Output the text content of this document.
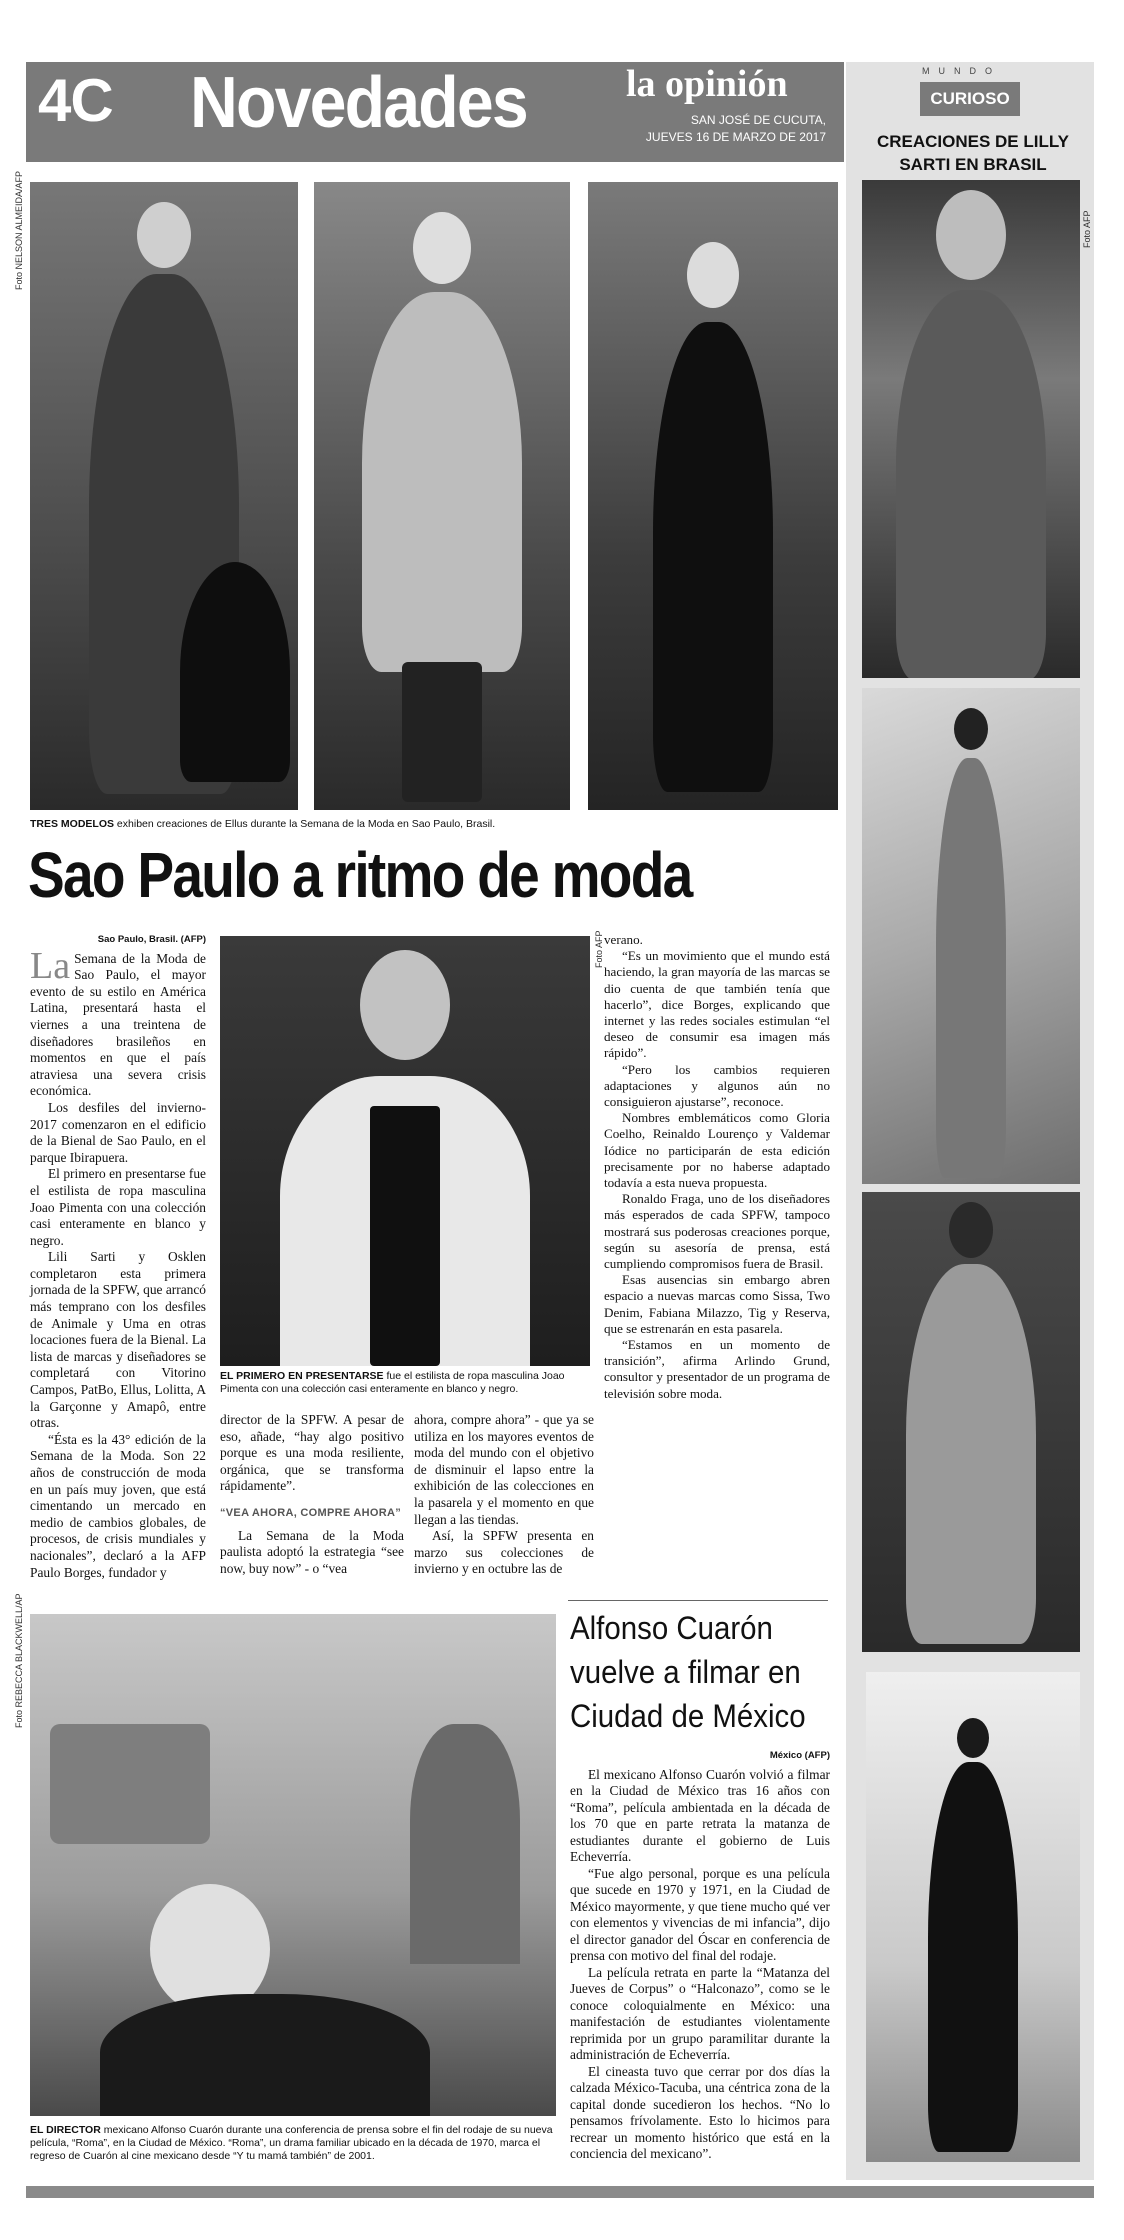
4C Novedades	la opinión
SAN JOSÉ DE CUCUTA,
JUEVES 16 DE MARZO DE 2017
MUNDO
CURIOSO
CREACIONES DE LILLY SARTI EN BRASIL
Foto AFP
Foto NELSON ALMEIDA/AFP
TRES MODELOS exhiben creaciones de Ellus durante la Semana de la Moda en Sao Paulo, Brasil.
Sao Paulo a ritmo de moda
Sao Paulo, Brasil. (AFP)

La Semana de la Moda de Sao Paulo, el mayor evento de su estilo en América Latina, presentará hasta el viernes a una treintena de diseñadores brasileños en momentos en que el país atraviesa una severa crisis económica.

Los desfiles del invierno-2017 comenzaron en el edificio de la Bienal de Sao Paulo, en el parque Ibirapuera.

El primero en presentarse fue el estilista de ropa masculina Joao Pimenta con una colección casi enteramente en blanco y negro.

Lili Sarti y Osklen completaron esta primera jornada de la SPFW, que arrancó más temprano con los desfiles de Animale y Uma en otras locaciones fuera de la Bienal. La lista de marcas y diseñadores se completará con Vitorino Campos, PatBo, Ellus, Lolitta, A la Garçonne y Amapô, entre otras.

“Ésta es la 43° edición de la Semana de la Moda. Son 22 años de construcción de moda en un país muy joven, que está cimentando un mercado en medio de cambios globales, de procesos, de crisis mundiales y nacionales”, declaró a la AFP Paulo Borges, fundador y

Foto AFP
EL PRIMERO EN PRESENTARSE fue el estilista de ropa masculina Joao Pimenta con una colección casi enteramente en blanco y negro.

director de la SPFW. A pesar de eso, añade, “hay algo positivo porque es una moda resiliente, orgánica, que se transforma rápidamente”.

“VEA AHORA, COMPRE AHORA”

La Semana de la Moda paulista adoptó la estrategia “see now, buy now” - o “vea

ahora, compre ahora” - que ya se utiliza en los mayores eventos de moda del mundo con el objetivo de disminuir el lapso entre la exhibición de las colecciones en la pasarela y el momento en que llegan a las tiendas.

Así, la SPFW presenta en marzo sus colecciones de invierno y en octubre las de

verano.

“Es un movimiento que el mundo está haciendo, la gran mayoría de las marcas se dio cuenta de que también tenía que hacerlo”, dice Borges, explicando que internet y las redes sociales estimulan “el deseo de consumir esa imagen más rápido”.

“Pero los cambios requieren adaptaciones y algunos aún no consiguieron ajustarse”, reconoce.

Nombres emblemáticos como Gloria Coelho, Reinaldo Lourenço y Valdemar Iódice no participarán de esta edición precisamente por no haberse adaptado todavía a esta nueva propuesta.

Ronaldo Fraga, uno de los diseñadores más esperados de cada SPFW, tampoco mostrará sus poderosas creaciones porque, según su asesoría de prensa, está cumpliendo compromisos fuera de Brasil.

Esas ausencias sin embargo abren espacio a nuevas marcas como Sissa, Two Denim, Fabiana Milazzo, Tig y Reserva, que se estrenarán en esta pasarela.

“Estamos en un momento de transición”, afirma Arlindo Grund, consultor y presentador de un programa de televisión sobre moda.

Foto REBECCA BLACKWELL/AP
EL DIRECTOR mexicano Alfonso Cuarón durante una conferencia de prensa sobre el fin del rodaje de su nueva película, “Roma”, en la Ciudad de México. “Roma”, un drama familiar ubicado en la década de 1970, marca el regreso de Cuarón al cine mexicano desde “Y tu mamá también” de 2001.
Alfonso Cuarón vuelve a filmar en Ciudad de México
México (AFP)

El mexicano Alfonso Cuarón volvió a filmar en la Ciudad de México tras 16 años con “Roma”, película ambientada en la década de los 70 que en parte retrata la matanza de estudiantes durante el gobierno de Luis Echeverría.

“Fue algo personal, porque es una película que sucede en 1970 y 1971, en la Ciudad de México mayormente, y que tiene mucho qué ver con elementos y vivencias de mi infancia”, dijo el director ganador del Óscar en conferencia de prensa con motivo del final del rodaje.

La película retrata en parte la “Matanza del Jueves de Corpus” o “Halconazo”, como se le conoce coloquialmente en México: una manifestación de estudiantes violentamente reprimida por un grupo paramilitar durante la administración de Echeverría.

El cineasta tuvo que cerrar por dos días la calzada México-Tacuba, una céntrica zona de la capital donde sucedieron los hechos. “No lo pensamos frívolamente. Esto lo hicimos para recrear un momento histórico que está en la conciencia del mexicano”.
